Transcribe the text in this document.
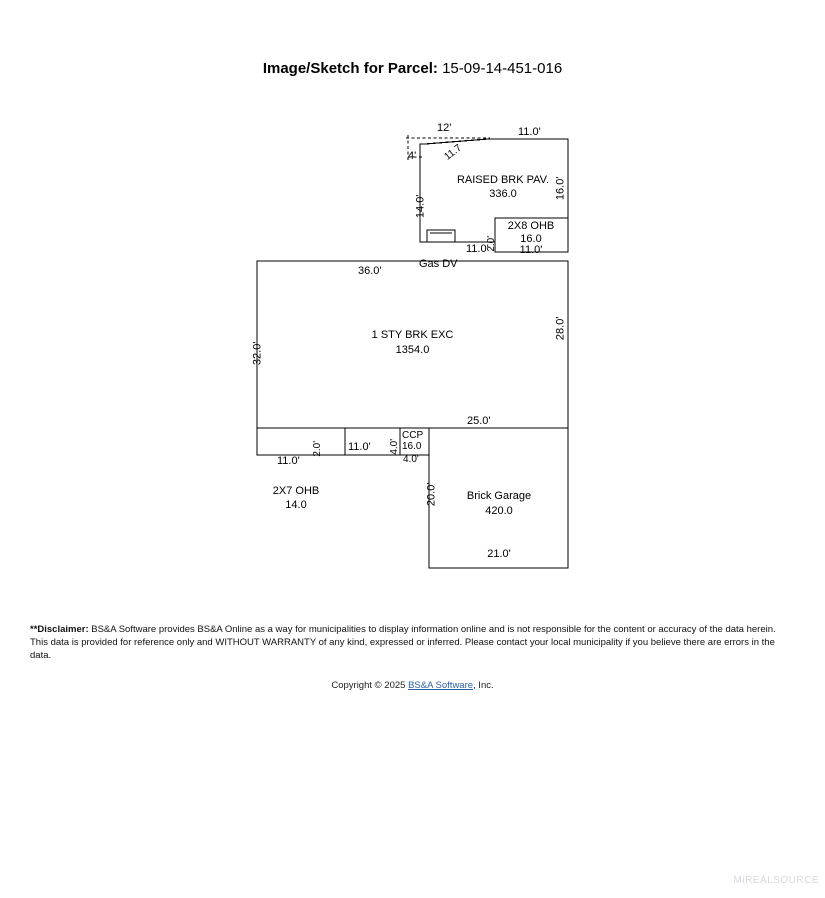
Image/Sketch for Parcel: 15-09-14-451-016
12'
4'	11.7
11.0'
16.0'
14.0'
RAISED BRK PAV.
336.0
2X8 OHB
16.0
11.0'
2.0'
11.0'
Gas DV
36.0'
32.0'
28.0'
1 STY BRK EXC
1354.0
25.0'
11.0'
2.0' 11.0'
2X7 OHB
14.0
4.0'
CCP
16.0
4.0'
20.0'	Brick Garage
420.0
21.0'
**Disclaimer: BS&A Software provides BS&A Online as a way for municipalities to display information online and is not responsible for the content or accuracy of the data herein. This data is provided for reference only and WITHOUT WARRANTY of any kind, expressed or inferred. Please contact your local municipality if you believe there are errors in the data.
Copyright © 2025 BS&A Software, Inc.
MiREALSOURCE
